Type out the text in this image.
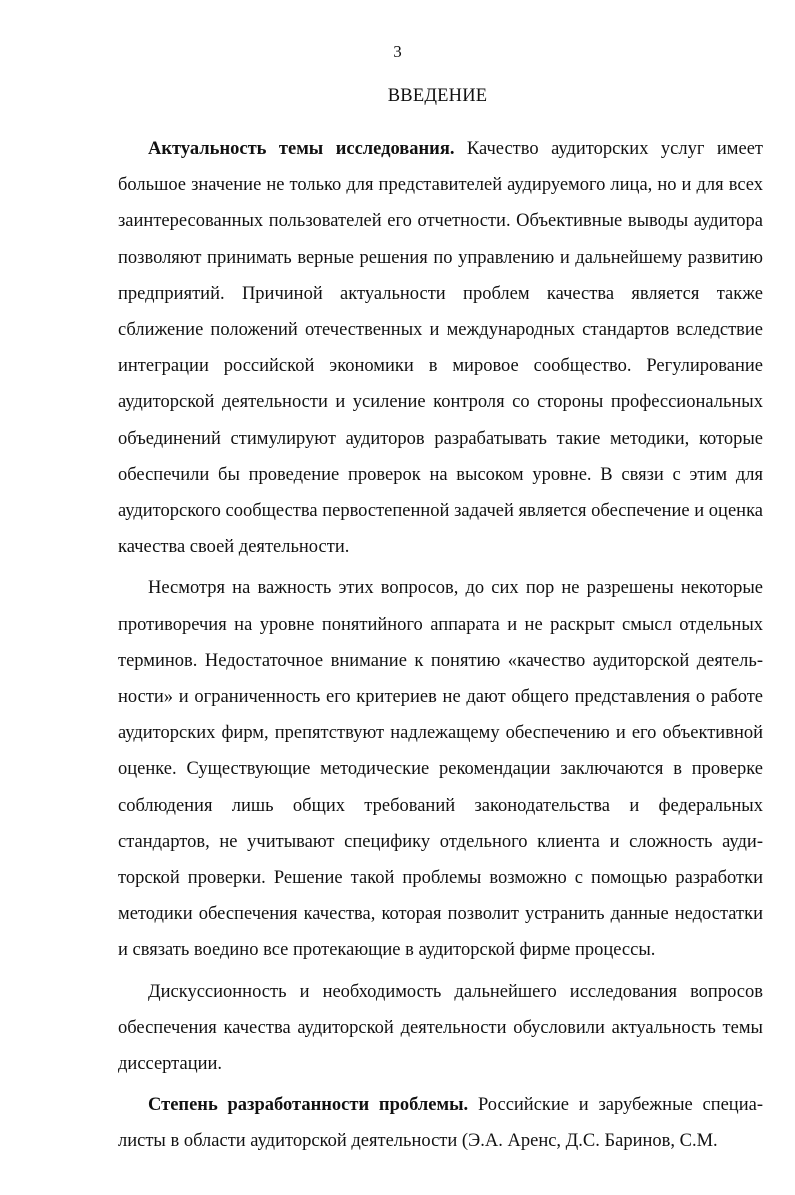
3
ВВЕДЕНИЕ

Актуальность темы исследования. Качество аудиторских услуг имеет большое значение не только для представителей аудируемого лица, но и для всех заинтересованных пользователей его отчетности. Объективные выводы аудитора позволяют принимать верные решения по управлению и дальнейшему развитию предприятий. Причиной актуальности проблем качества является также сближение положений отечественных и международных стандартов вследствие интеграции российской экономики в мировое сообщество. Регулирование аудиторской деятельности и усиление контроля со стороны профессиональных объединений стимулируют аудиторов разрабатывать такие методики, которые обеспечили бы проведение проверок на высоком уровне. В связи с этим для аудиторского сообщества первостепенной задачей является обеспечение и оценка качества своей деятельности.

Несмотря на важность этих вопросов, до сих пор не разрешены некоторые противоречия на уровне понятийного аппарата и не раскрыт смысл отдельных терминов. Недостаточное внимание к понятию «качество аудиторской деятельности» и ограниченность его критериев не дают общего представления о работе аудиторских фирм, препятствуют надлежащему обеспечению и его объективной оценке. Существующие методические рекомендации заключаются в проверке соблюдения лишь общих требований законодательства и федеральных стандартов, не учитывают специфику отдельного клиента и сложность аудиторской проверки. Решение такой проблемы возможно с помощью разработки методики обеспечения качества, которая позволит устранить данные недостатки и связать воедино все протекающие в аудиторской фирме процессы.

Дискуссионность и необходимость дальнейшего исследования вопросов обеспечения качества аудиторской деятельности обусловили актуальность темы диссертации.

Степень разработанности проблемы. Российские и зарубежные специалисты в области аудиторской деятельности (Э.А. Аренс, Д.С. Баринов, С.М.
